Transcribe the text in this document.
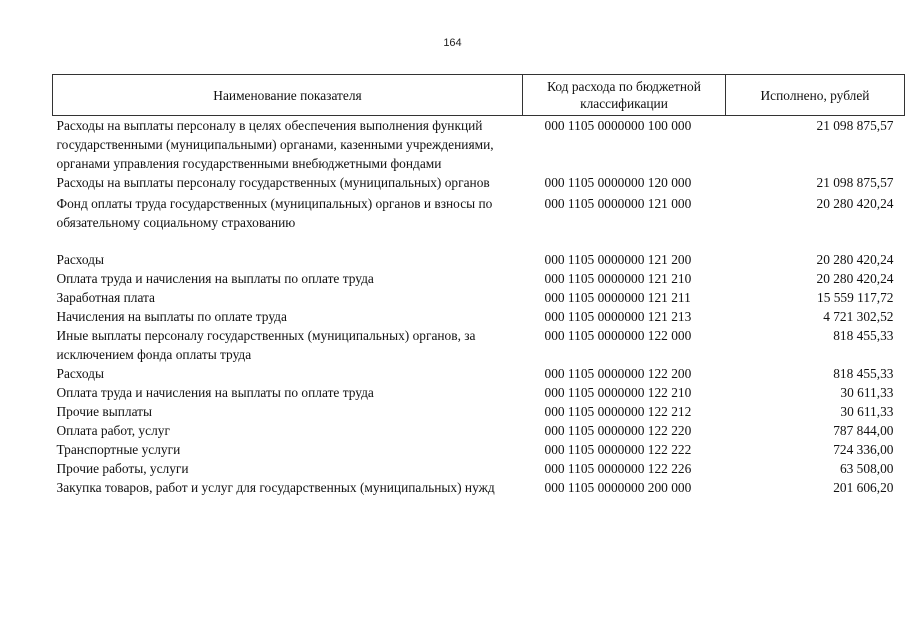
164
Наименование показателя	Код расхода по бюджетной классификации	Исполнено, рублей
Расходы на выплаты персоналу в целях обеспечения выполнения функций государственными (муниципальными) органами, казенными учреждениями, органами управления государственными внебюджетными фондами	000 1105 0000000 100 000	21 098 875,57
Расходы на выплаты персоналу государственных (муниципальных) органов	000 1105 0000000 120 000	21 098 875,57
Фонд оплаты труда государственных (муниципальных) органов и взносы по обязательному социальному страхованию	000 1105 0000000 121 000	20 280 420,24
Расходы	000 1105 0000000 121 200	20 280 420,24
Оплата труда и начисления на выплаты по оплате труда	000 1105 0000000 121 210	20 280 420,24
Заработная плата	000 1105 0000000 121 211	15 559 117,72
Начисления на выплаты по оплате труда	000 1105 0000000 121 213	4 721 302,52
Иные выплаты персоналу государственных (муниципальных) органов, за исключением фонда оплаты труда	000 1105 0000000 122 000	818 455,33
Расходы	000 1105 0000000 122 200	818 455,33
Оплата труда и начисления на выплаты по оплате труда	000 1105 0000000 122 210	30 611,33
Прочие выплаты	000 1105 0000000 122 212	30 611,33
Оплата работ, услуг	000 1105 0000000 122 220	787 844,00
Транспортные услуги	000 1105 0000000 122 222	724 336,00
Прочие работы, услуги	000 1105 0000000 122 226	63 508,00
Закупка товаров, работ и услуг для государственных (муниципальных) нужд	000 1105 0000000 200 000	201 606,20
